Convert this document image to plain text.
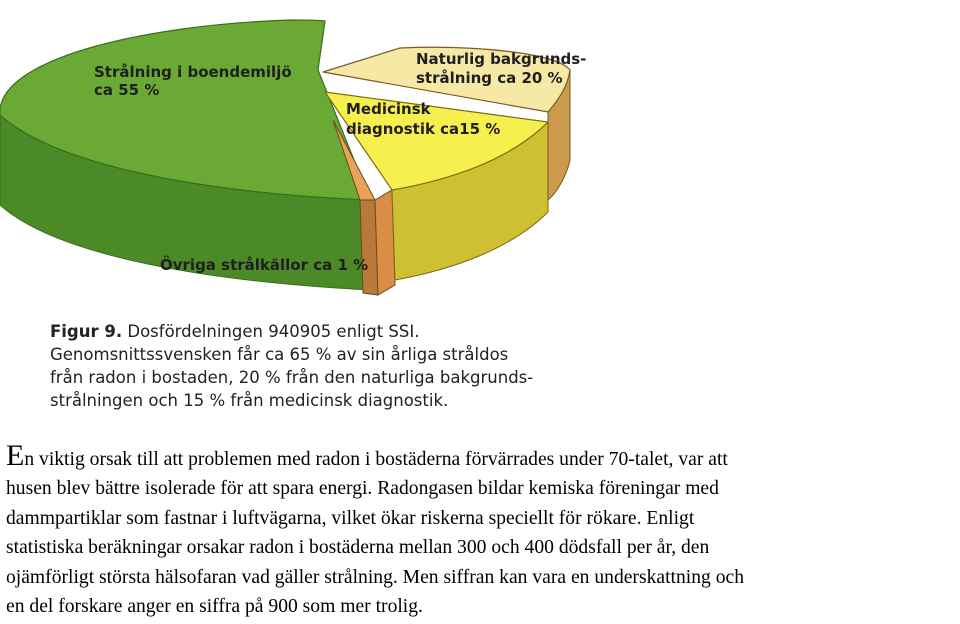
Strålning i boendemiljö
ca 55 %
Naturlig bakgrunds-
strålning ca 20 %
Medicinsk
diagnostik ca15 %
Övriga strålkällor ca 1 %
Figur 9. Dosfördelningen 940905 enligt SSI.
Genomsnittssvensken får ca 65 % av sin årliga stråldos
från radon i bostaden, 20 % från den naturliga bakgrunds-
strålningen och 15 % från medicinsk diagnostik.
En viktig orsak till att problemen med radon i bostäderna förvärrades under 70-talet, var att
husen blev bättre isolerade för att spara energi. Radongasen bildar kemiska föreningar med
dammpartiklar som fastnar i luftvägarna, vilket ökar riskerna speciellt för rökare. Enligt
statistiska beräkningar orsakar radon i bostäderna mellan 300 och 400 dödsfall per år, den
ojämförligt största hälsofaran vad gäller strålning. Men siffran kan vara en underskattning och
en del forskare anger en siffra på 900 som mer trolig.
